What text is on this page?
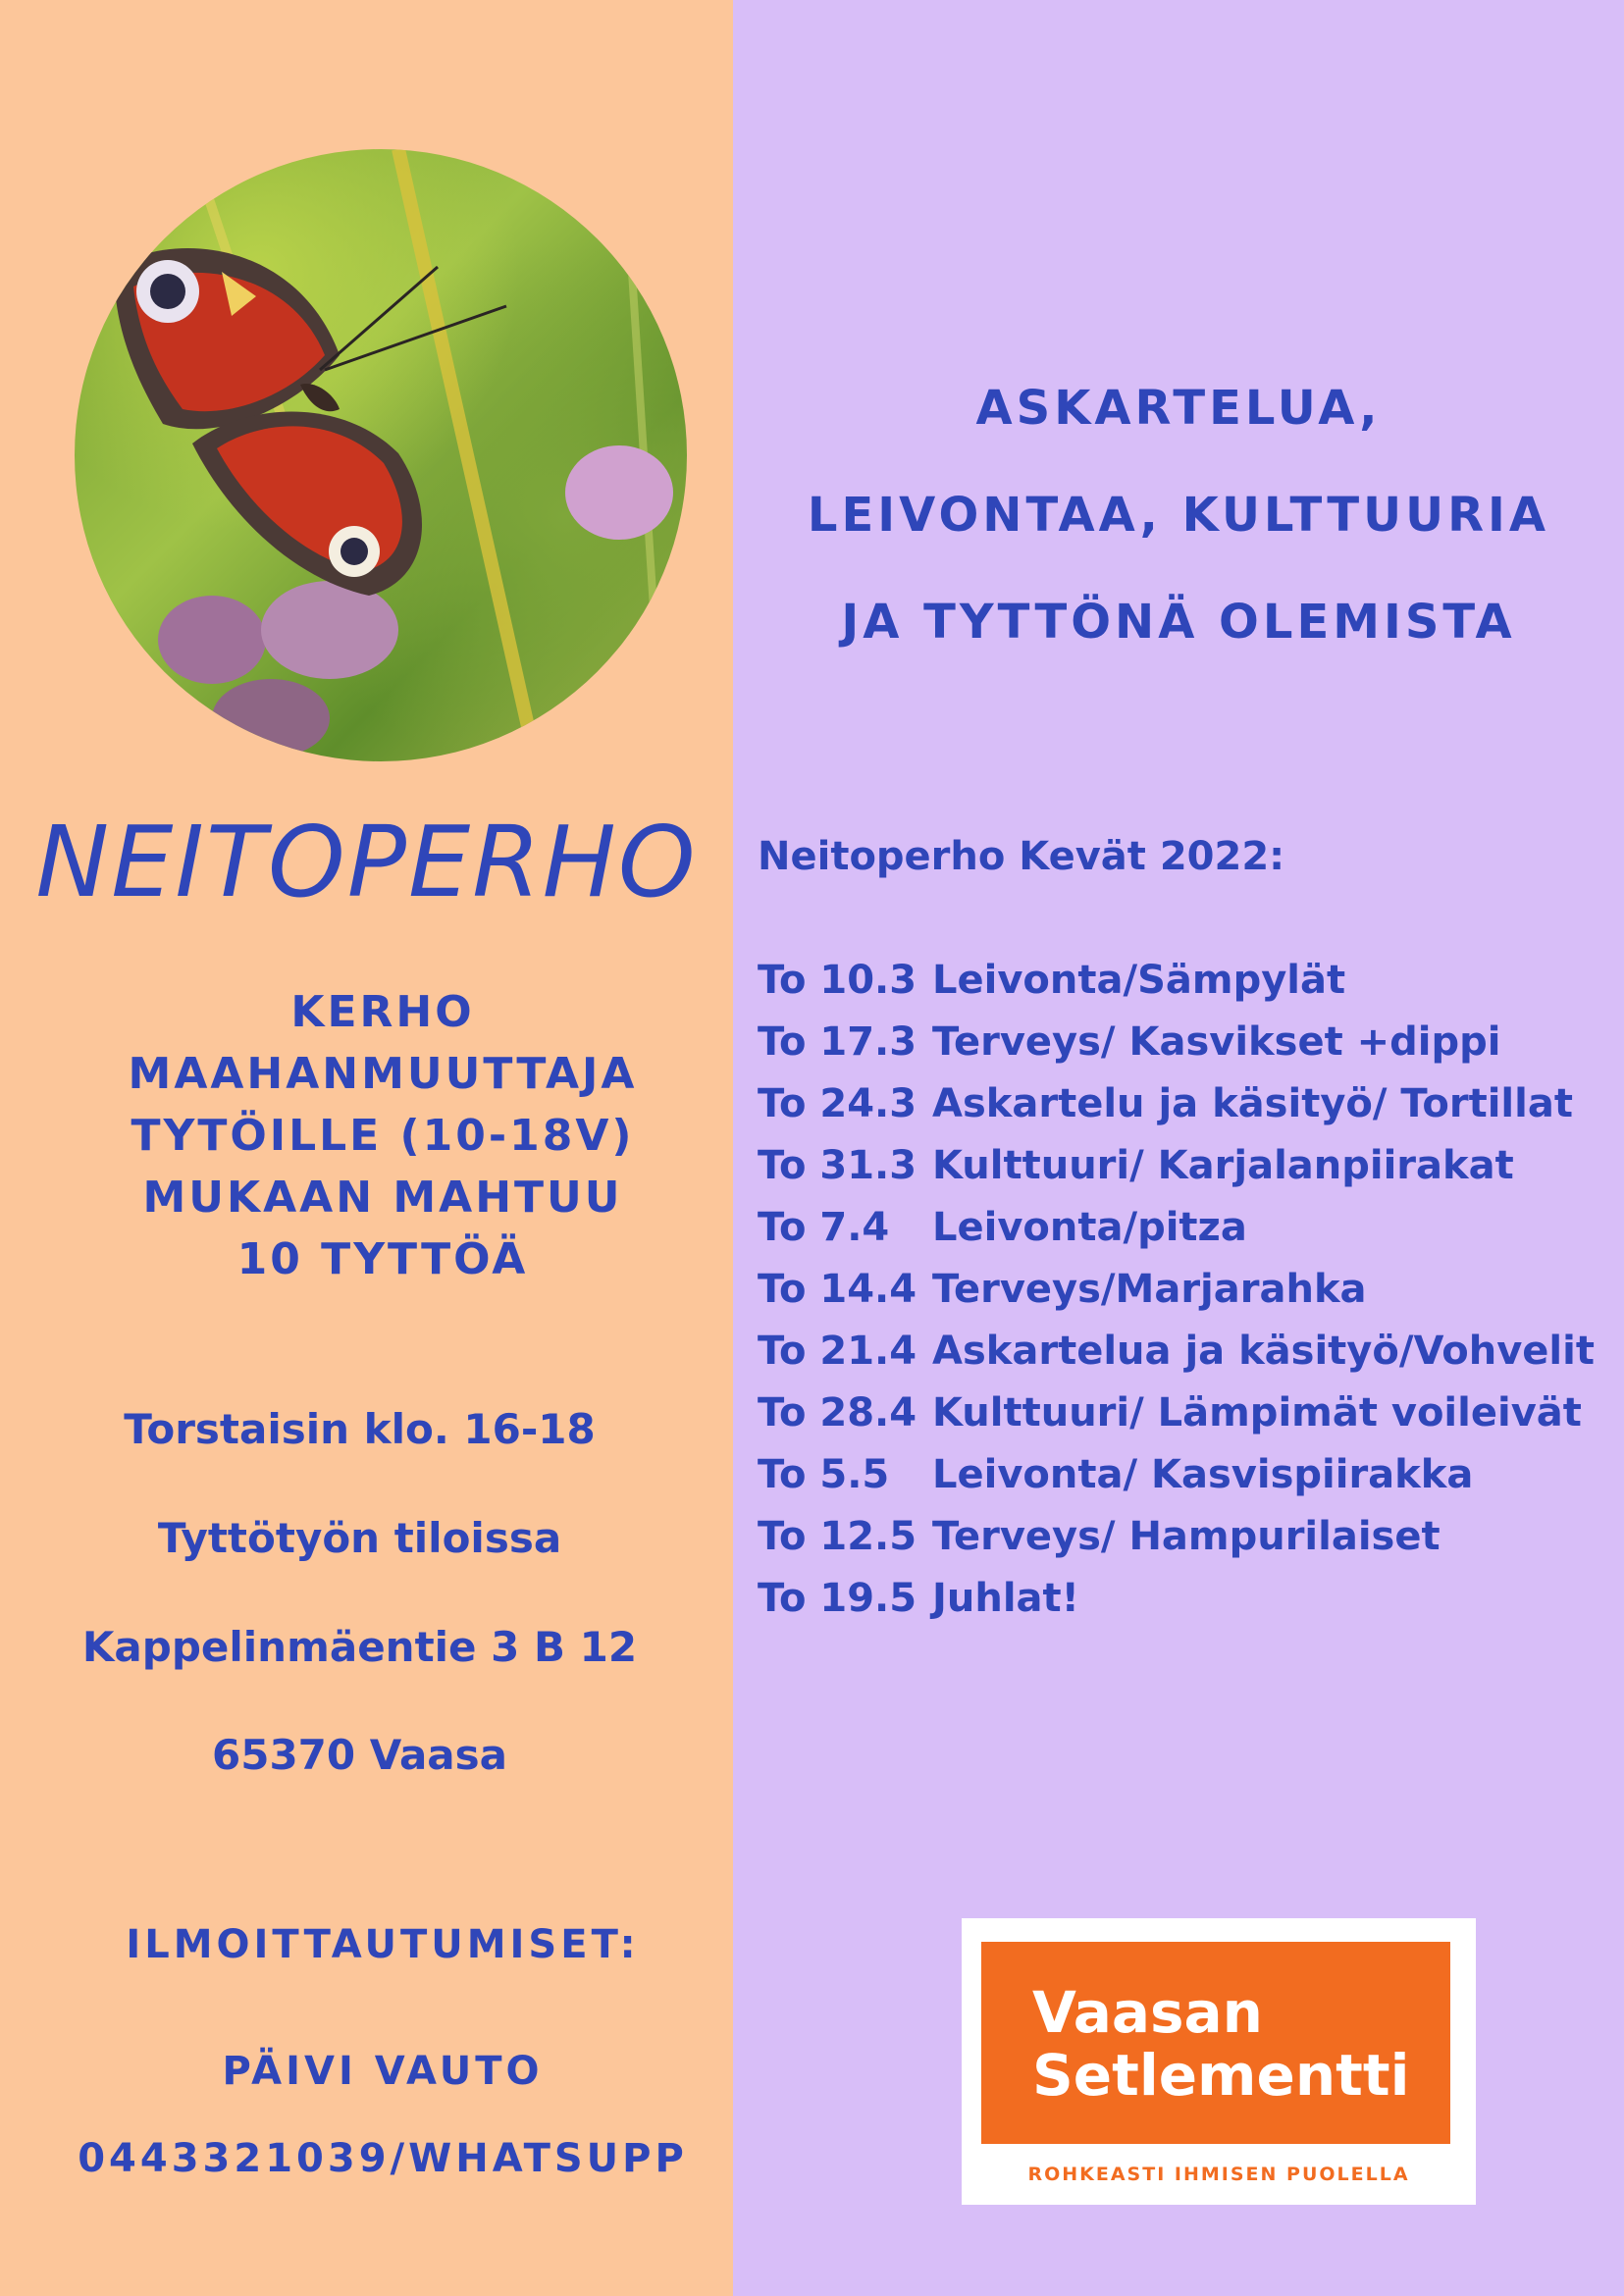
NEITOPERHO
KERHO
MAAHANMUUTTAJA
TYTÖILLE (10-18V)
MUKAAN MAHTUU
10 TYTTÖÄ
Torstaisin klo. 16-18
Tyttötyön tiloissa
Kappelinmäentie 3 B 12
65370 Vaasa
ILMOITTAUTUMISET:
PÄIVI VAUTO
0443321039/WHATSUPP
ASKARTELUA,
LEIVONTAA, KULTTUURIA
JA TYTTÖNÄ OLEMISTA
Neitoperho Kevät 2022:
To 10.3 Leivonta/Sämpylät
To 17.3 Terveys/ Kasvikset +dippi
To 24.3 Askartelu ja käsityö/ Tortillat
To 31.3 Kulttuuri/ Karjalanpiirakat
To 7.4 Leivonta/pitza
To 14.4 Terveys/Marjarahka
To 21.4 Askartelua ja käsityö/Vohvelit
To 28.4 Kulttuuri/ Lämpimät voileivät
To 5.5 Leivonta/ Kasvispiirakka
To 12.5 Terveys/ Hampurilaiset
To 19.5 Juhlat!
Vaasan
Setlementti
ROHKEASTI IHMISEN PUOLELLA
